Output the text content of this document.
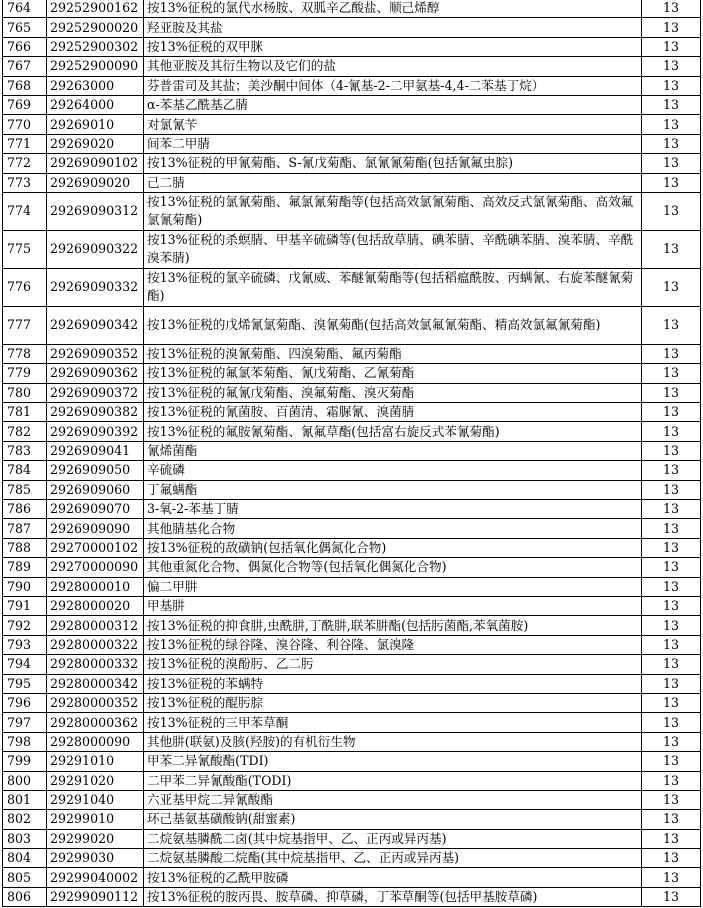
764	29252900162	按13%征税的氯代水杨胺、双胍辛乙酸盐、顺己烯醇	13
765	29252900020	羟亚胺及其盐	13
766	29252900302	按13%征税的双甲脒	13
767	29252900090	其他亚胺及其衍生物以及它们的盐	13
768	29263000	芬普雷司及其盐；美沙酮中间体（4-氰基-2-二甲氨基-4,4-二苯基丁烷）	13
769	29264000	α-苯基乙酰基乙腈	13
770	29269010	对氯氰苄	13
771	29269020	间苯二甲腈	13
772	29269090102	按13%征税的甲氰菊酯、S-氰戊菊酯、氯氰氰菊酯(包括氰氟虫腙)	13
773	2926909020	己二腈	13
774	29269090312	按13%征税的氯氰菊酯、氟氯氰菊酯等(包括高效氯氰菊酯、高效反式氯氰菊酯、高效氟氯氰菊酯)	13
775	29269090322	按13%征税的杀螟腈、甲基辛硫磷等(包括敌草腈、碘苯腈、辛酰碘苯腈、溴苯腈、辛酰溴苯腈)	13
776	29269090332	按13%征税的氯辛硫磷、戊氰威、苯醚氰菊酯等(包括稻瘟酰胺、丙螨氰、右旋苯醚氰菊酯)	13
777	29269090342	按13%征税的戊烯氰氯菊酯、溴氰菊酯(包括高效氯氟氰菊酯、精高效氯氟氰菊酯)	13
778	29269090352	按13%征税的溴氰菊酯、四溴菊酯、氟丙菊酯	13
779	29269090362	按13%征税的氟氯苯菊酯、氰戊菊酯、乙氰菊酯	13
780	29269090372	按13%征税的氟氰戊菊酯、溴氟菊酯、溴灭菊酯	13
781	29269090382	按13%征税的氰菌胺、百菌清、霜脲氰、溴菌腈	13
782	29269090392	按13%征税的氟胺氰菊酯、氰氟草酯(包括富右旋反式苯氰菊酯)	13
783	2926909041	氰烯菌酯	13
784	2926909050	辛硫磷	13
785	2926909060	丁氟螨酯	13
786	2926909070	3-氧-2-苯基丁腈	13
787	2926909090	其他腈基化合物	13
788	29270000102	按13%征税的敌磺钠(包括氧化偶氮化合物)	13
789	29270000090	其他重氮化合物、偶氮化合物等(包括氧化偶氮化合物)	13
790	2928000010	偏二甲肼	13
791	2928000020	甲基肼	13
792	29280000312	按13%征税的抑食肼,虫酰肼,丁酰肼,联苯肼酯(包括肟菌酯,苯氧菌胺)	13
793	29280000322	按13%征税的绿谷隆、溴谷隆、利谷隆、氯溴隆	13
794	29280000332	按13%征税的溴酚肟、乙二肟	13
795	29280000342	按13%征税的苯螨特	13
796	29280000352	按13%征税的醌肟腙	13
797	29280000362	按13%征税的三甲苯草酮	13
798	2928000090	其他肼(联氨)及胲(羟胺)的有机衍生物	13
799	29291010	甲苯二异氰酸酯(TDI)	13
800	29291020	二甲苯二异氰酸酯(TODI)	13
801	29291040	六亚基甲烷二异氰酸酯	13
802	29299010	环己基氨基磺酸钠(甜蜜素)	13
803	29299020	二烷氨基膦酰二卤(其中烷基指甲、乙、正丙或异丙基)	13
804	29299030	二烷氨基膦酸二烷酯(其中烷基指甲、乙、正丙或异丙基)	13
805	29299040002	按13%征税的乙酰甲胺磷	13
806	29299090112	按13%征税的胺丙畏、胺草磷、抑草磷，丁苯草酮等(包括甲基胺草磷)	13
